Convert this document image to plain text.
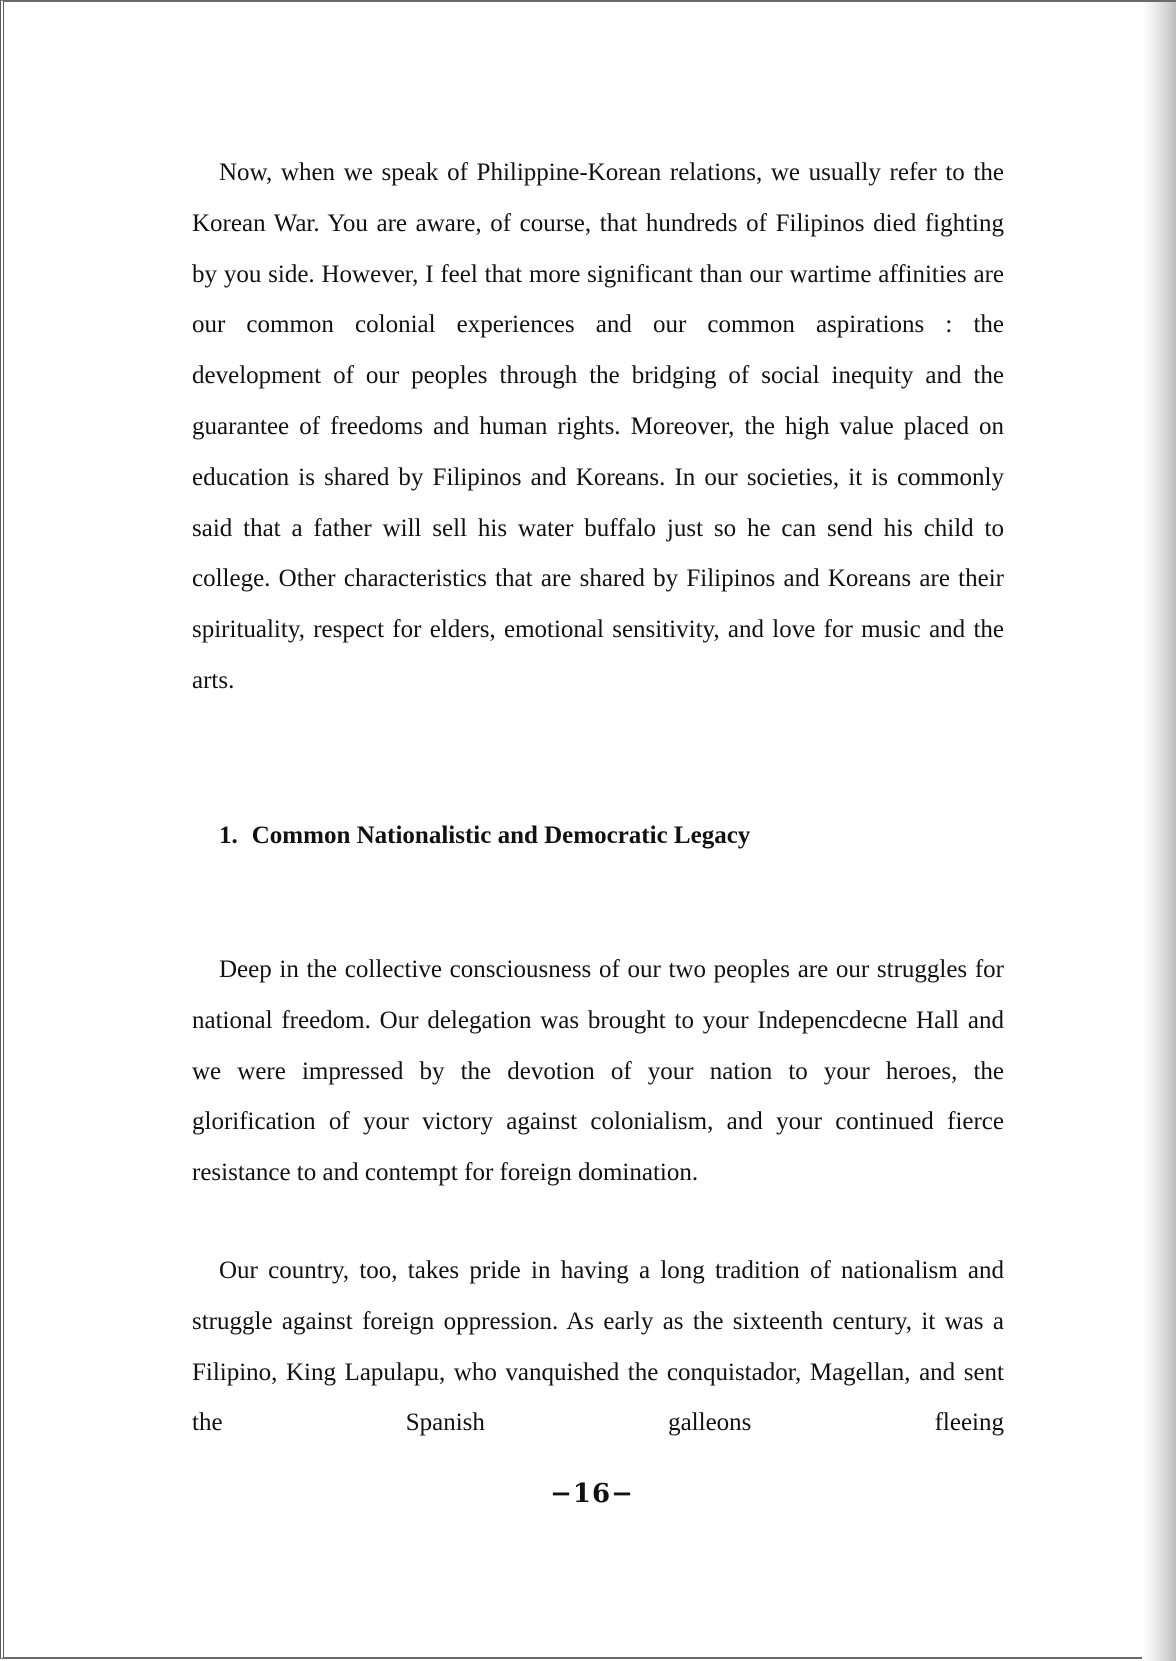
Now, when we speak of Philippine-Korean relations, we usually refer to the Korean War. You are aware, of course, that hundreds of Filipinos died fighting by you side. However, I feel that more significant than our wartime affinities are our common colonial experiences and our common aspirations : the development of our peoples through the bridging of social inequity and the guarantee of freedoms and human rights. Moreover, the high value placed on education is shared by Filipinos and Koreans. In our societies, it is commonly said that a father will sell his water buffalo just so he can send his child to college. Other characteristics that are shared by Filipinos and Koreans are their spirituality, respect for elders, emotional sensitivity, and love for music and the arts.

1. Common Nationalistic and Democratic Legacy

Deep in the collective consciousness of our two peoples are our struggles for national freedom. Our delegation was brought to your Indepencdecne Hall and we were impressed by the devotion of your nation to your heroes, the glorification of your victory against colonialism, and your continued fierce resistance to and contempt for foreign domination.

Our country, too, takes pride in having a long tradition of nationalism and struggle against foreign oppression. As early as the sixteenth century, it was a Filipino, King Lapulapu, who vanquished the conquistador, Magellan, and sent the Spanish galleons fleeing

−16−
